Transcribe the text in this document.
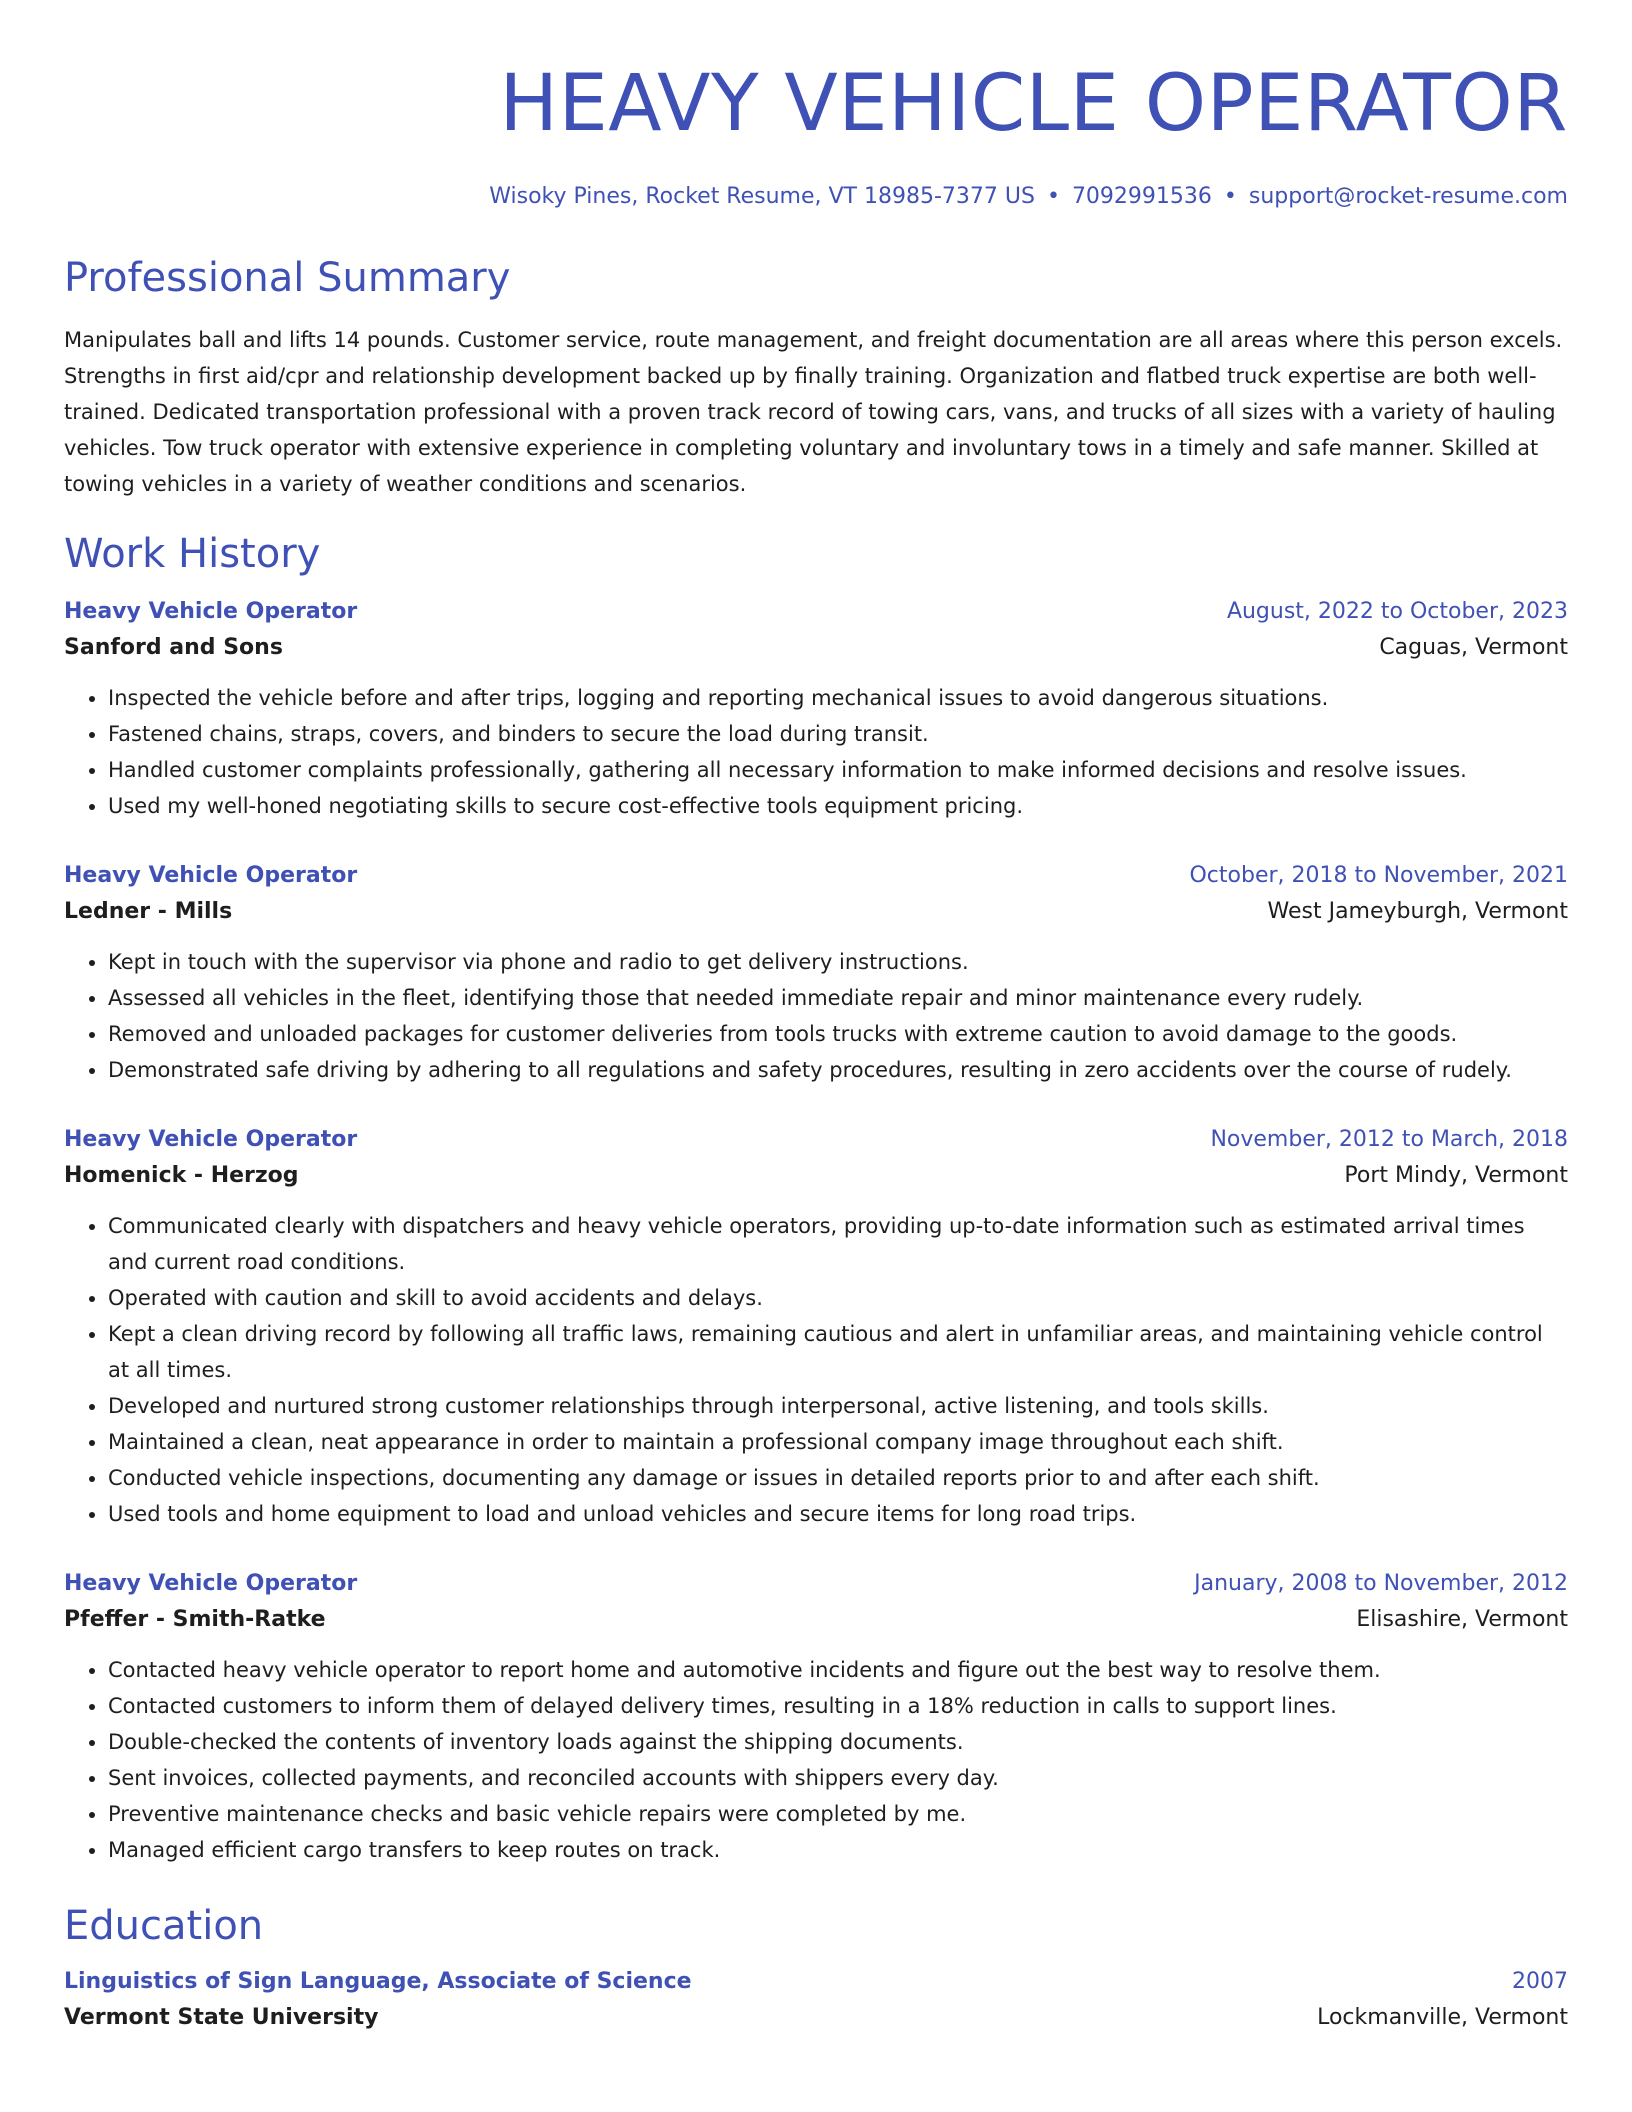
HEAVY VEHICLE OPERATOR
Wisoky Pines, Rocket Resume, VT 18985-7377 US • 7092991536 • support@rocket-resume.com
Professional Summary
Manipulates ball and lifts 14 pounds. Customer service, route management, and freight documentation are all areas where this person excels. Strengths in first aid/cpr and relationship development backed up by finally training. Organization and flatbed truck expertise are both well-trained. Dedicated transportation professional with a proven track record of towing cars, vans, and trucks of all sizes with a variety of hauling vehicles. Tow truck operator with extensive experience in completing voluntary and involuntary tows in a timely and safe manner. Skilled at towing vehicles in a variety of weather conditions and scenarios.
Work History
Heavy Vehicle Operator	August, 2022 to October, 2023
Sanford and Sons	Caguas, Vermont
• Inspected the vehicle before and after trips, logging and reporting mechanical issues to avoid dangerous situations.
• Fastened chains, straps, covers, and binders to secure the load during transit.
• Handled customer complaints professionally, gathering all necessary information to make informed decisions and resolve issues.
• Used my well-honed negotiating skills to secure cost-effective tools equipment pricing.
Heavy Vehicle Operator	October, 2018 to November, 2021
Ledner - Mills	West Jameyburgh, Vermont
• Kept in touch with the supervisor via phone and radio to get delivery instructions.
• Assessed all vehicles in the fleet, identifying those that needed immediate repair and minor maintenance every rudely.
• Removed and unloaded packages for customer deliveries from tools trucks with extreme caution to avoid damage to the goods.
• Demonstrated safe driving by adhering to all regulations and safety procedures, resulting in zero accidents over the course of rudely.
Heavy Vehicle Operator	November, 2012 to March, 2018
Homenick - Herzog	Port Mindy, Vermont
• Communicated clearly with dispatchers and heavy vehicle operators, providing up-to-date information such as estimated arrival times and current road conditions.
• Operated with caution and skill to avoid accidents and delays.
• Kept a clean driving record by following all traffic laws, remaining cautious and alert in unfamiliar areas, and maintaining vehicle control at all times.
• Developed and nurtured strong customer relationships through interpersonal, active listening, and tools skills.
• Maintained a clean, neat appearance in order to maintain a professional company image throughout each shift.
• Conducted vehicle inspections, documenting any damage or issues in detailed reports prior to and after each shift.
• Used tools and home equipment to load and unload vehicles and secure items for long road trips.
Heavy Vehicle Operator	January, 2008 to November, 2012
Pfeffer - Smith-Ratke	Elisashire, Vermont
• Contacted heavy vehicle operator to report home and automotive incidents and figure out the best way to resolve them.
• Contacted customers to inform them of delayed delivery times, resulting in a 18% reduction in calls to support lines.
• Double-checked the contents of inventory loads against the shipping documents.
• Sent invoices, collected payments, and reconciled accounts with shippers every day.
• Preventive maintenance checks and basic vehicle repairs were completed by me.
• Managed efficient cargo transfers to keep routes on track.
Education
Linguistics of Sign Language, Associate of Science	2007
Vermont State University	Lockmanville, Vermont
